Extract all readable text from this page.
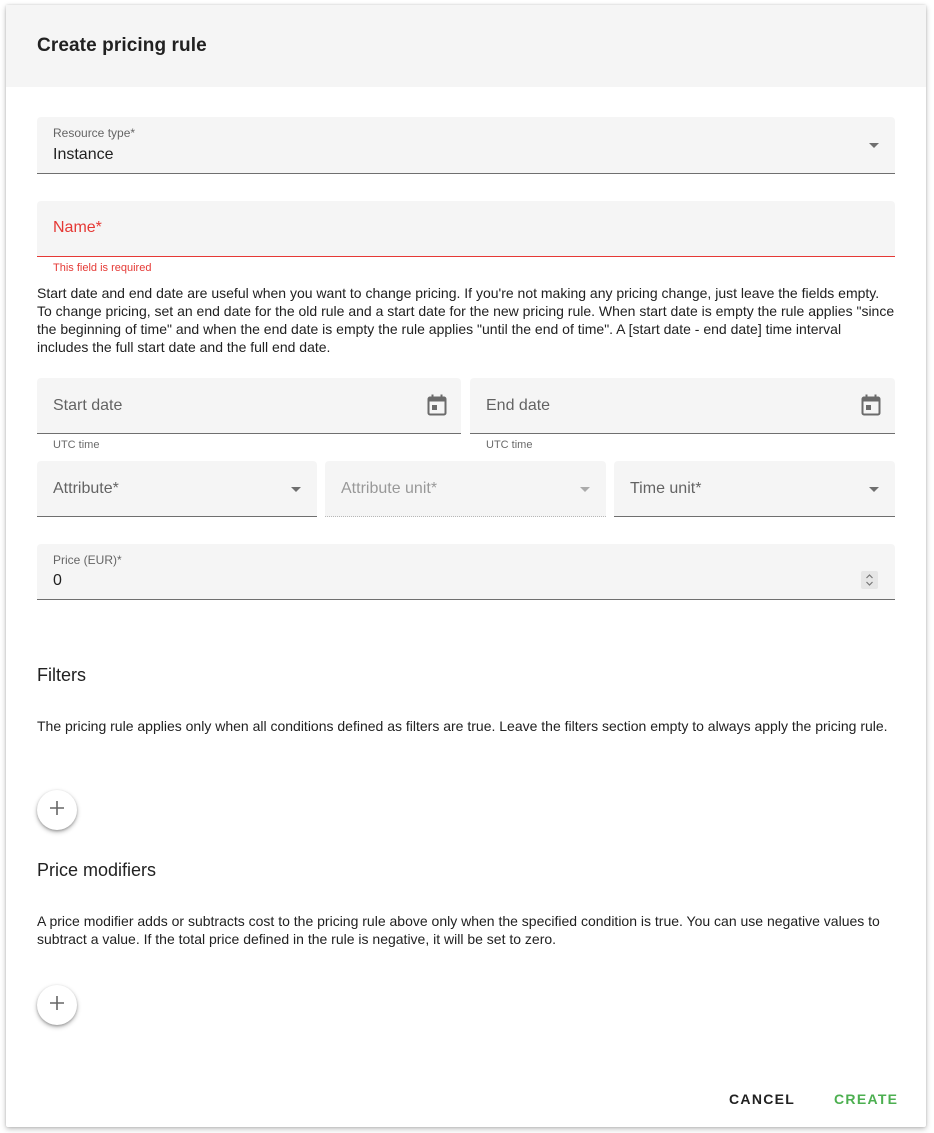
Create pricing rule
Resource type*
Instance
Name*
This field is required
Start date and end date are useful when you want to change pricing. If you're not making any pricing change, just leave the fields empty. To change pricing, set an end date for the old rule and a start date for the new pricing rule. When start date is empty the rule applies "since the beginning of time" and when the end date is empty the rule applies "until the end of time". A [start date - end date] time interval includes the full start date and the full end date.
Start date
UTC time
End date
UTC time
Attribute*	Attribute unit*	Time unit*
Price (EUR)*
0
Filters
The pricing rule applies only when all conditions defined as filters are true. Leave the filters section empty to always apply the pricing rule.
Price modifiers
A price modifier adds or subtracts cost to the pricing rule above only when the specified condition is true. You can use negative values to subtract a value. If the total price defined in the rule is negative, it will be set to zero.
CANCEL	CREATE
